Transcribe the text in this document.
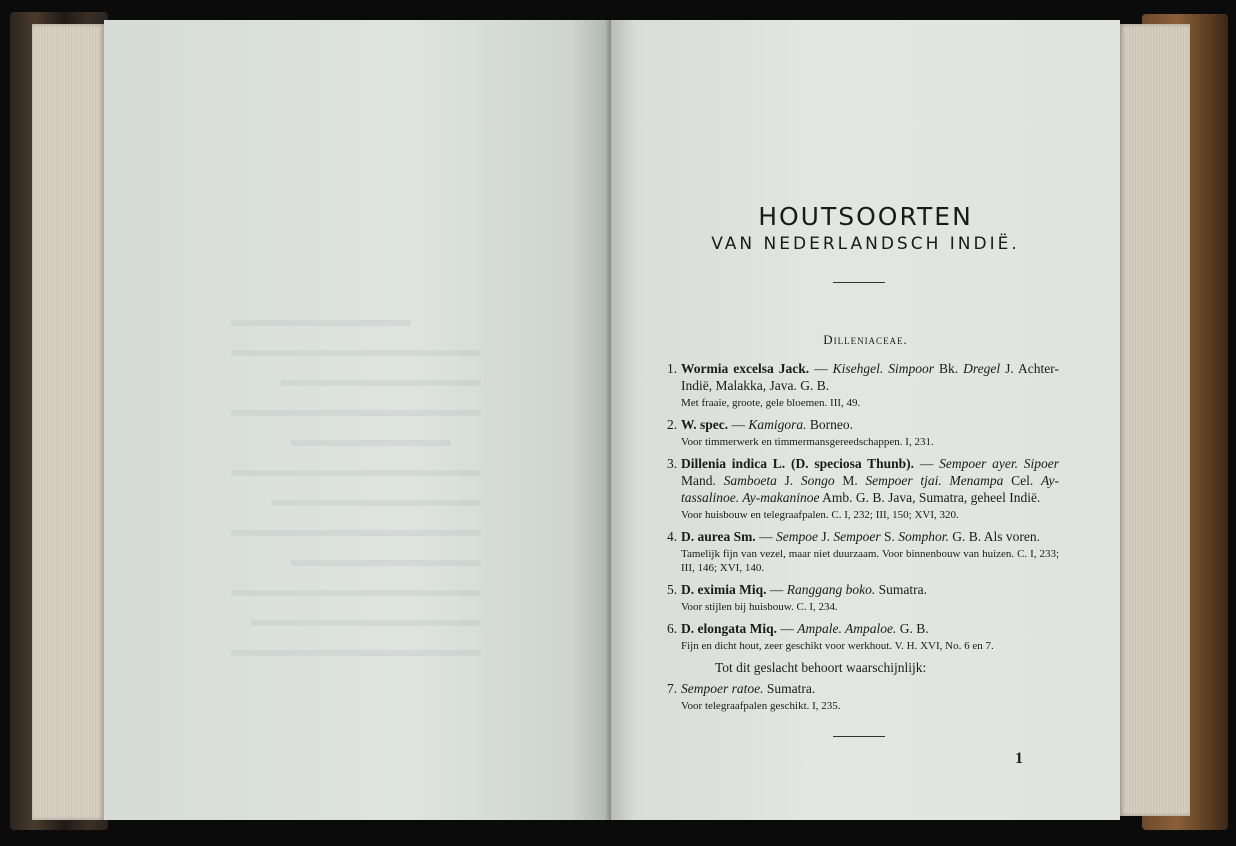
HOUTSOORTEN
VAN NEDERLANDSCH INDIË.
Dilleniaceae.
1. Wormia excelsa Jack. — Kisehgel. Simpoor Bk. Dregel J. Achter-Indië, Malakka, Java. G. B.
Met fraaie, groote, gele bloemen. III, 49.
2. W. spec. — Kamigora. Borneo.
Voor timmerwerk en timmermansgereedschappen. I, 231.
3. Dillenia indica L. (D. speciosa Thunb). — Sempoer ayer. Sipoer Mand. Samboeta J. Songo M. Sempoer tjai. Menampa Cel. Ay-tassalinoe. Ay-makaninoe Amb. G. B. Java, Sumatra, geheel Indië.
Voor huisbouw en telegraafpalen. C. I, 232; III, 150; XVI, 320.
4. D. aurea Sm. — Sempoe J. Sempoer S. Somphor. G. B. Als voren.
Tamelijk fijn van vezel, maar niet duurzaam. Voor binnenbouw van huizen. C. I, 233; III, 146; XVI, 140.
5. D. eximia Miq. — Ranggang boko. Sumatra.
Voor stijlen bij huisbouw. C. I, 234.
6. D. elongata Miq. — Ampale. Ampaloe. G. B.
Fijn en dicht hout, zeer geschikt voor werkhout. V. H. XVI, No. 6 en 7.
Tot dit geslacht behoort waarschijnlijk:
7. Sempoer ratoe. Sumatra.
Voor telegraafpalen geschikt. I, 235.
1
